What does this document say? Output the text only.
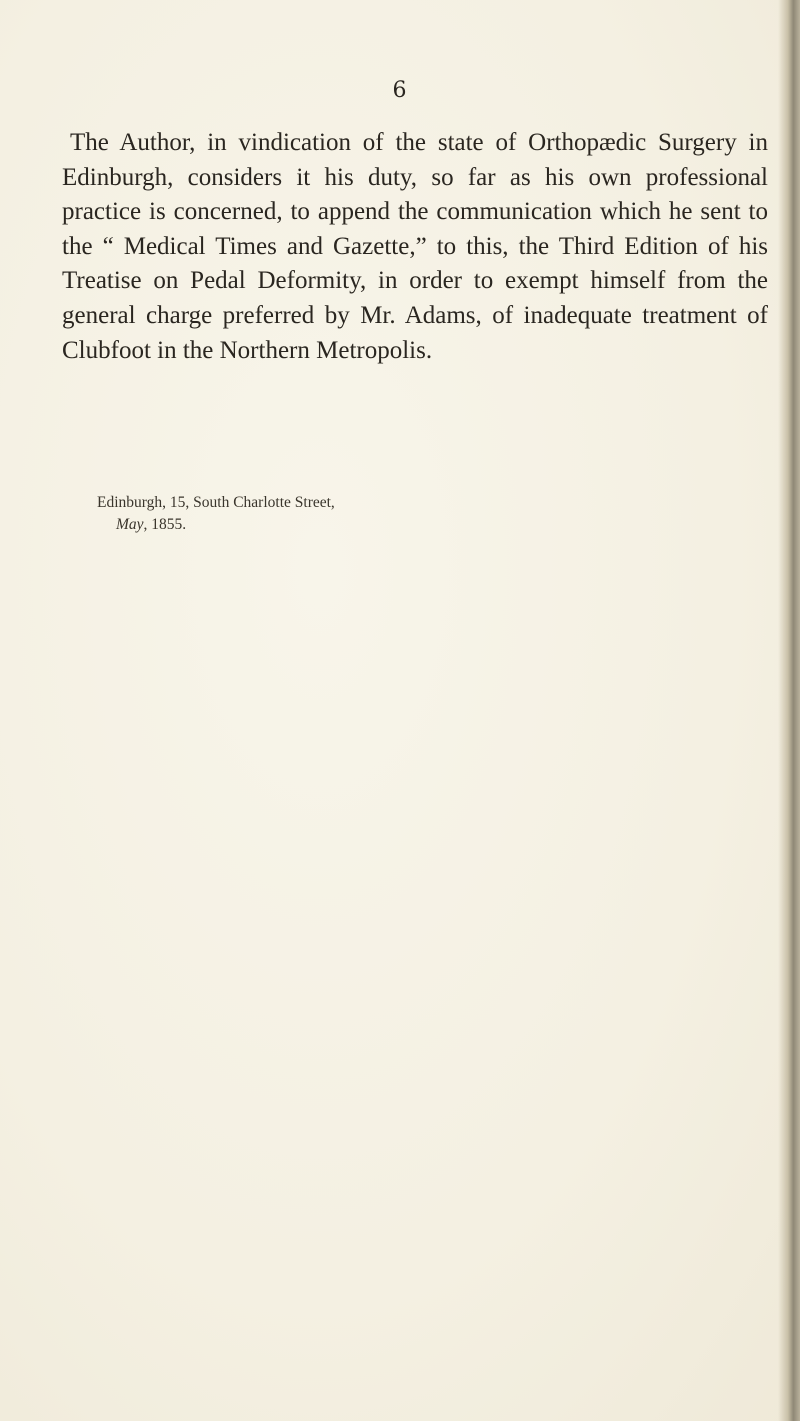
6

The Author, in vindication of the state of Orthopædic Surgery in Edinburgh, considers it his duty, so far as his own professional practice is concerned, to append the communication which he sent to the “ Medical Times and Gazette,” to this, the Third Edition of his Treatise on Pedal Deformity, in order to exempt himself from the general charge preferred by Mr. Adams, of inadequate treatment of Clubfoot in the Northern Metropolis.

Edinburgh, 15, South Charlotte Street,
May, 1855.
